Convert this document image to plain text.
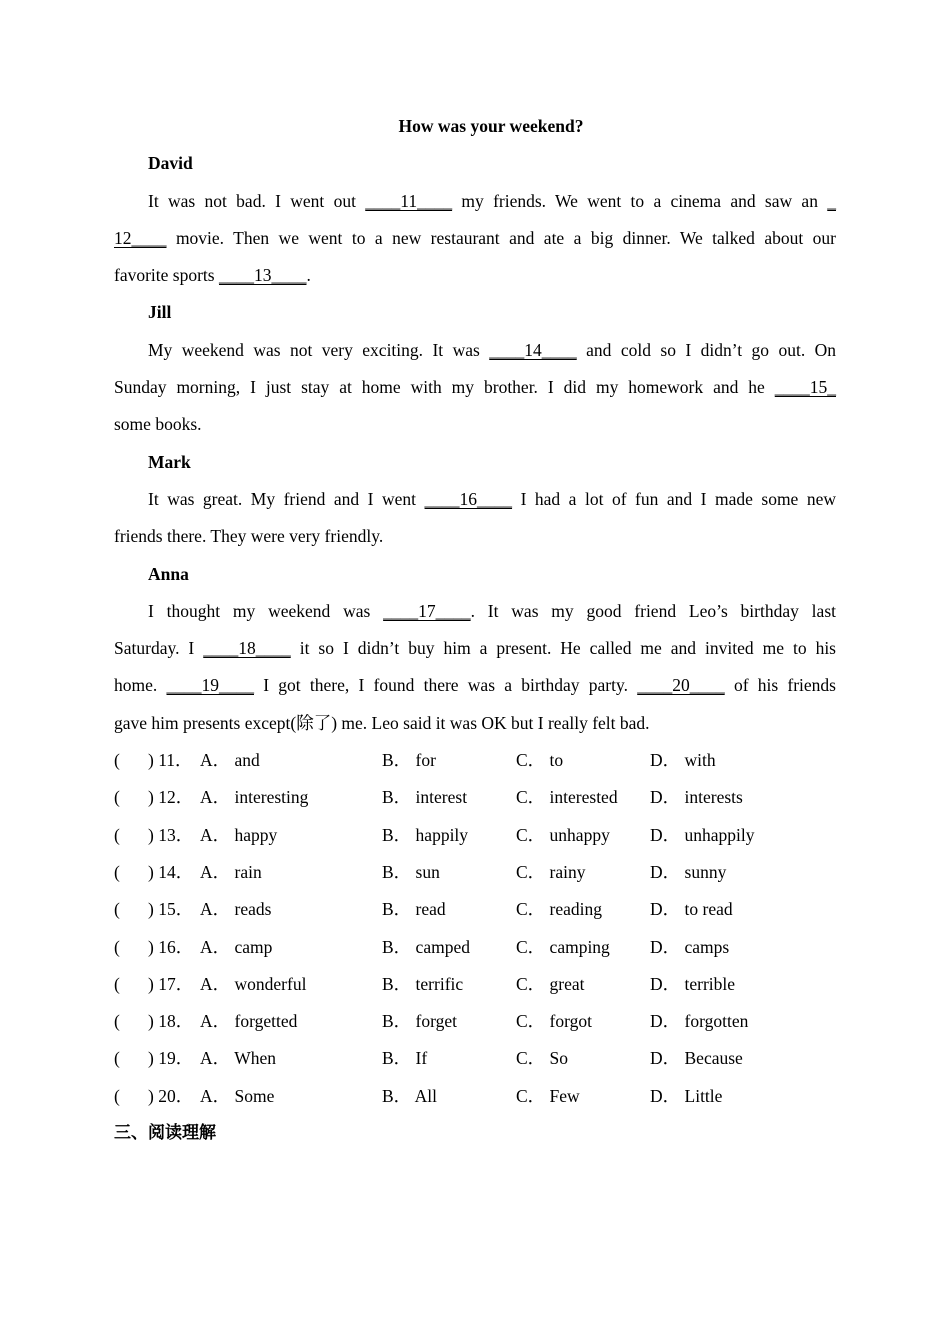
How was your weekend?
David
It was not bad. I went out ____11____ my friends. We went to a cinema and saw an _
12____ movie. Then we went to a new restaurant and ate a big dinner. We talked about our
favorite sports ____13____.
Jill
My weekend was not very exciting. It was ____14____ and cold so I didn’t go out. On
Sunday morning, I just stay at home with my brother. I did my homework and he ____15_
some books.
Mark
It was great. My friend and I went ____16____ I had a lot of fun and I made some new
friends there. They were very friendly.
Anna
I thought my weekend was ____17____. It was my good friend Leo’s birthday last
Saturday. I ____18____ it so I didn’t buy him a present. He called me and invited me to his
home. ____19____ I got there, I found there was a birthday party. ____20____ of his friends
gave him presents except(除了) me. Leo said it was OK but I really felt bad.
( ) 11． A． and	B． for	C． to	D． with
( ) 12． A． interesting	B． interest	C． interested D． interests
( ) 13． A． happy	B． happily	C． unhappy D． unhappily
( ) 14． A． rain	B． sun	C． rainy	D． sunny
( ) 15． A． reads	B． read	C． reading	D． to read
( ) 16． A． camp	B． camped	C． camping D． camps
( ) 17． A． wonderful	B． terrific	C． great	D． terrible
( ) 18． A． forgetted	B． forget	C． forgot	D． forgotten
( ) 19． A． When	B． If	C． So	D． Because
( ) 20． A． Some	B． All	C． Few	D． Little
三、阅读理解
